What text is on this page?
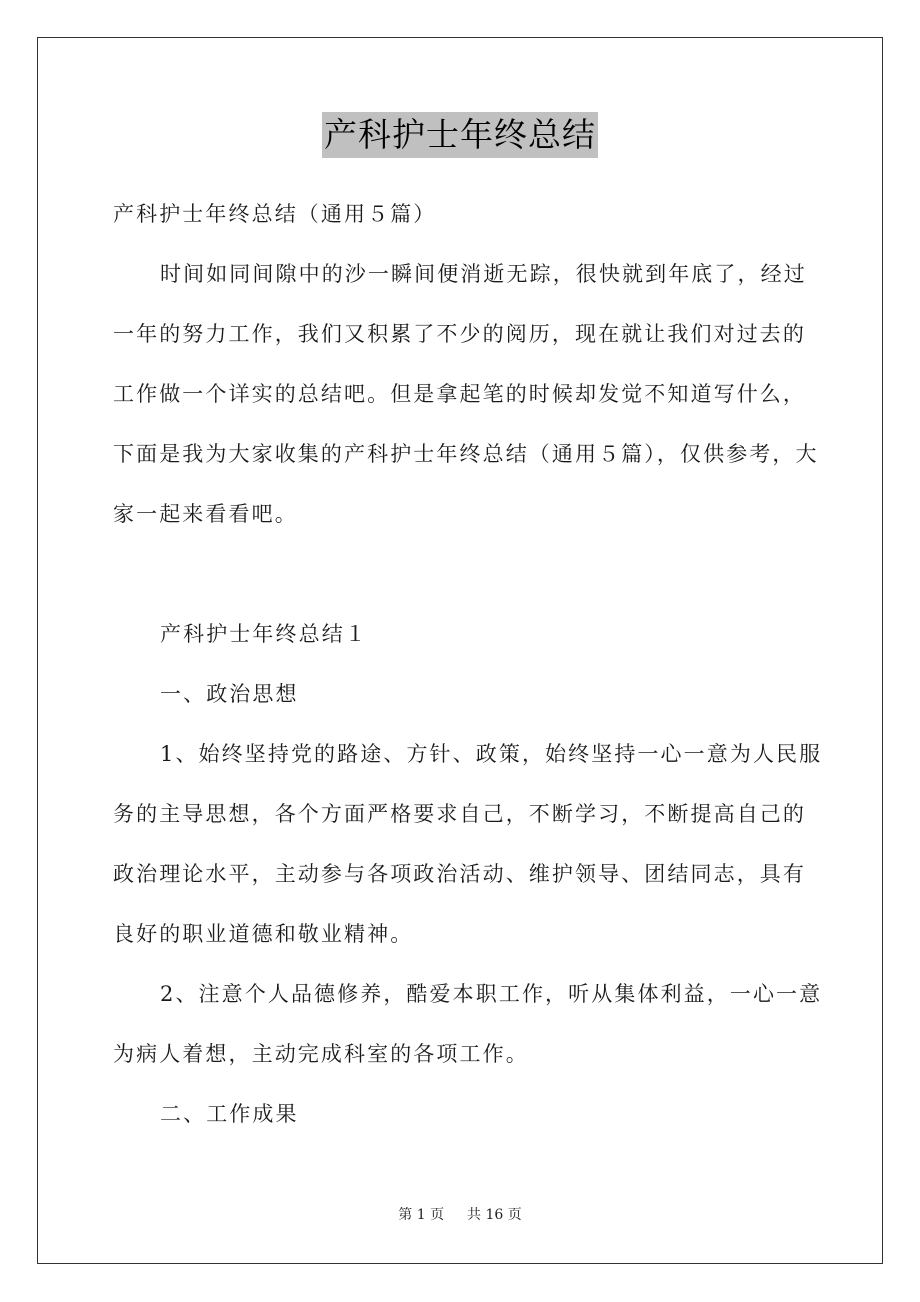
产科护士年终总结
产科护士年终总结（通用５篇）
时间如同间隙中的沙一瞬间便消逝无踪，很快就到年底了，经过
一年的努力工作，我们又积累了不少的阅历，现在就让我们对过去的
工作做一个详实的总结吧。但是拿起笔的时候却发觉不知道写什么，
下面是我为大家收集的产科护士年终总结（通用５篇），仅供参考，大
家一起来看看吧。
产科护士年终总结１
一、政治思想
1、始终坚持党的路途、方针、政策，始终坚持一心一意为人民服
务的主导思想，各个方面严格要求自己，不断学习，不断提高自己的
政治理论水平，主动参与各项政治活动、维护领导、团结同志，具有
良好的职业道德和敬业精神。
2、注意个人品德修养，酷爱本职工作，听从集体利益，一心一意
为病人着想，主动完成科室的各项工作。
二、工作成果
第 1 页 共 16 页
